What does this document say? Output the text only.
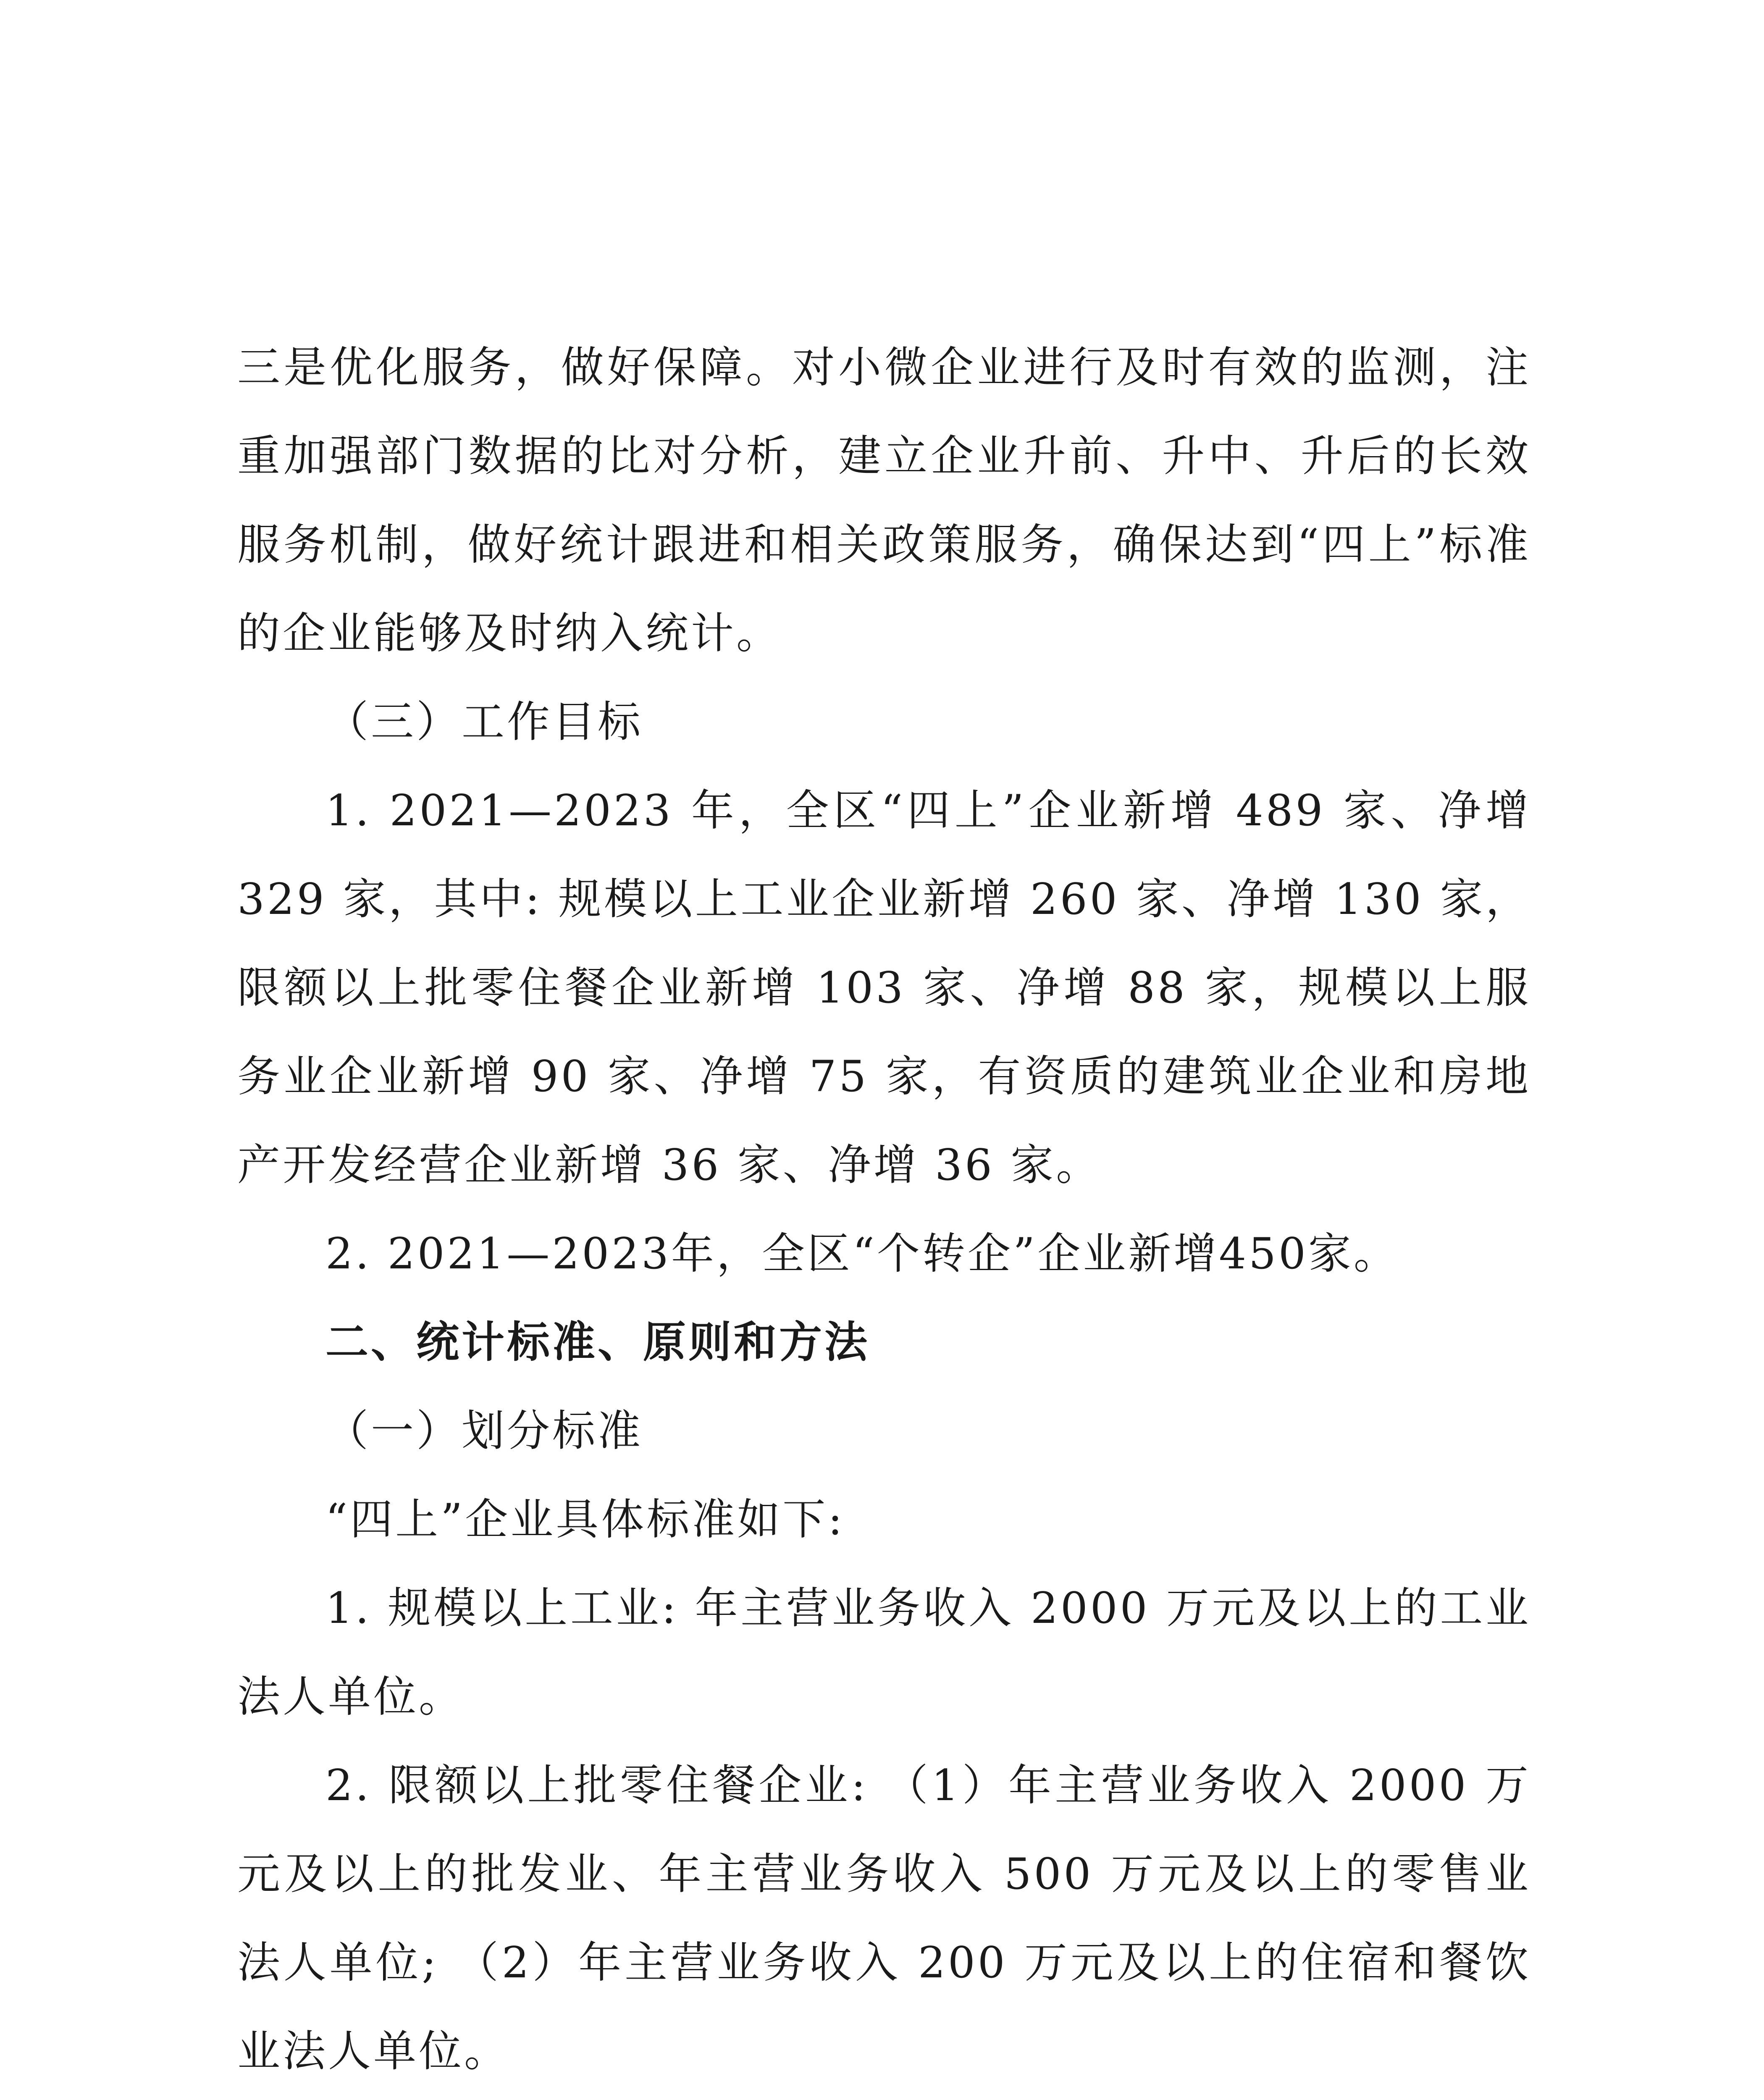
三是优化服务，做好保障。对小微企业进行及时有效的监测，注重加强部门数据的比对分析，建立企业升前、升中、升后的长效服务机制，做好统计跟进和相关政策服务，确保达到“四上”标准的企业能够及时纳入统计。

（三）工作目标

1. 2021—2023 年，全区“四上”企业新增 489 家、净增 329 家，其中: 规模以上工业企业新增 260 家、净增 130 家，限额以上批零住餐企业新增 103 家、净增 88 家，规模以上服务业企业新增 90 家、净增 75 家，有资质的建筑业企业和房地产开发经营企业新增 36 家、净增 36 家。

2. 2021—2023年，全区“个转企”企业新增450家。

二、统计标准、原则和方法

（一）划分标准

“四上”企业具体标准如下:

1. 规模以上工业: 年主营业务收入 2000 万元及以上的工业法人单位。

2. 限额以上批零住餐企业: （1）年主营业务收入 2000 万元及以上的批发业、年主营业务收入 500 万元及以上的零售业法人单位; （2）年主营业务收入 200 万元及以上的住宿和餐饮业法人单位。
